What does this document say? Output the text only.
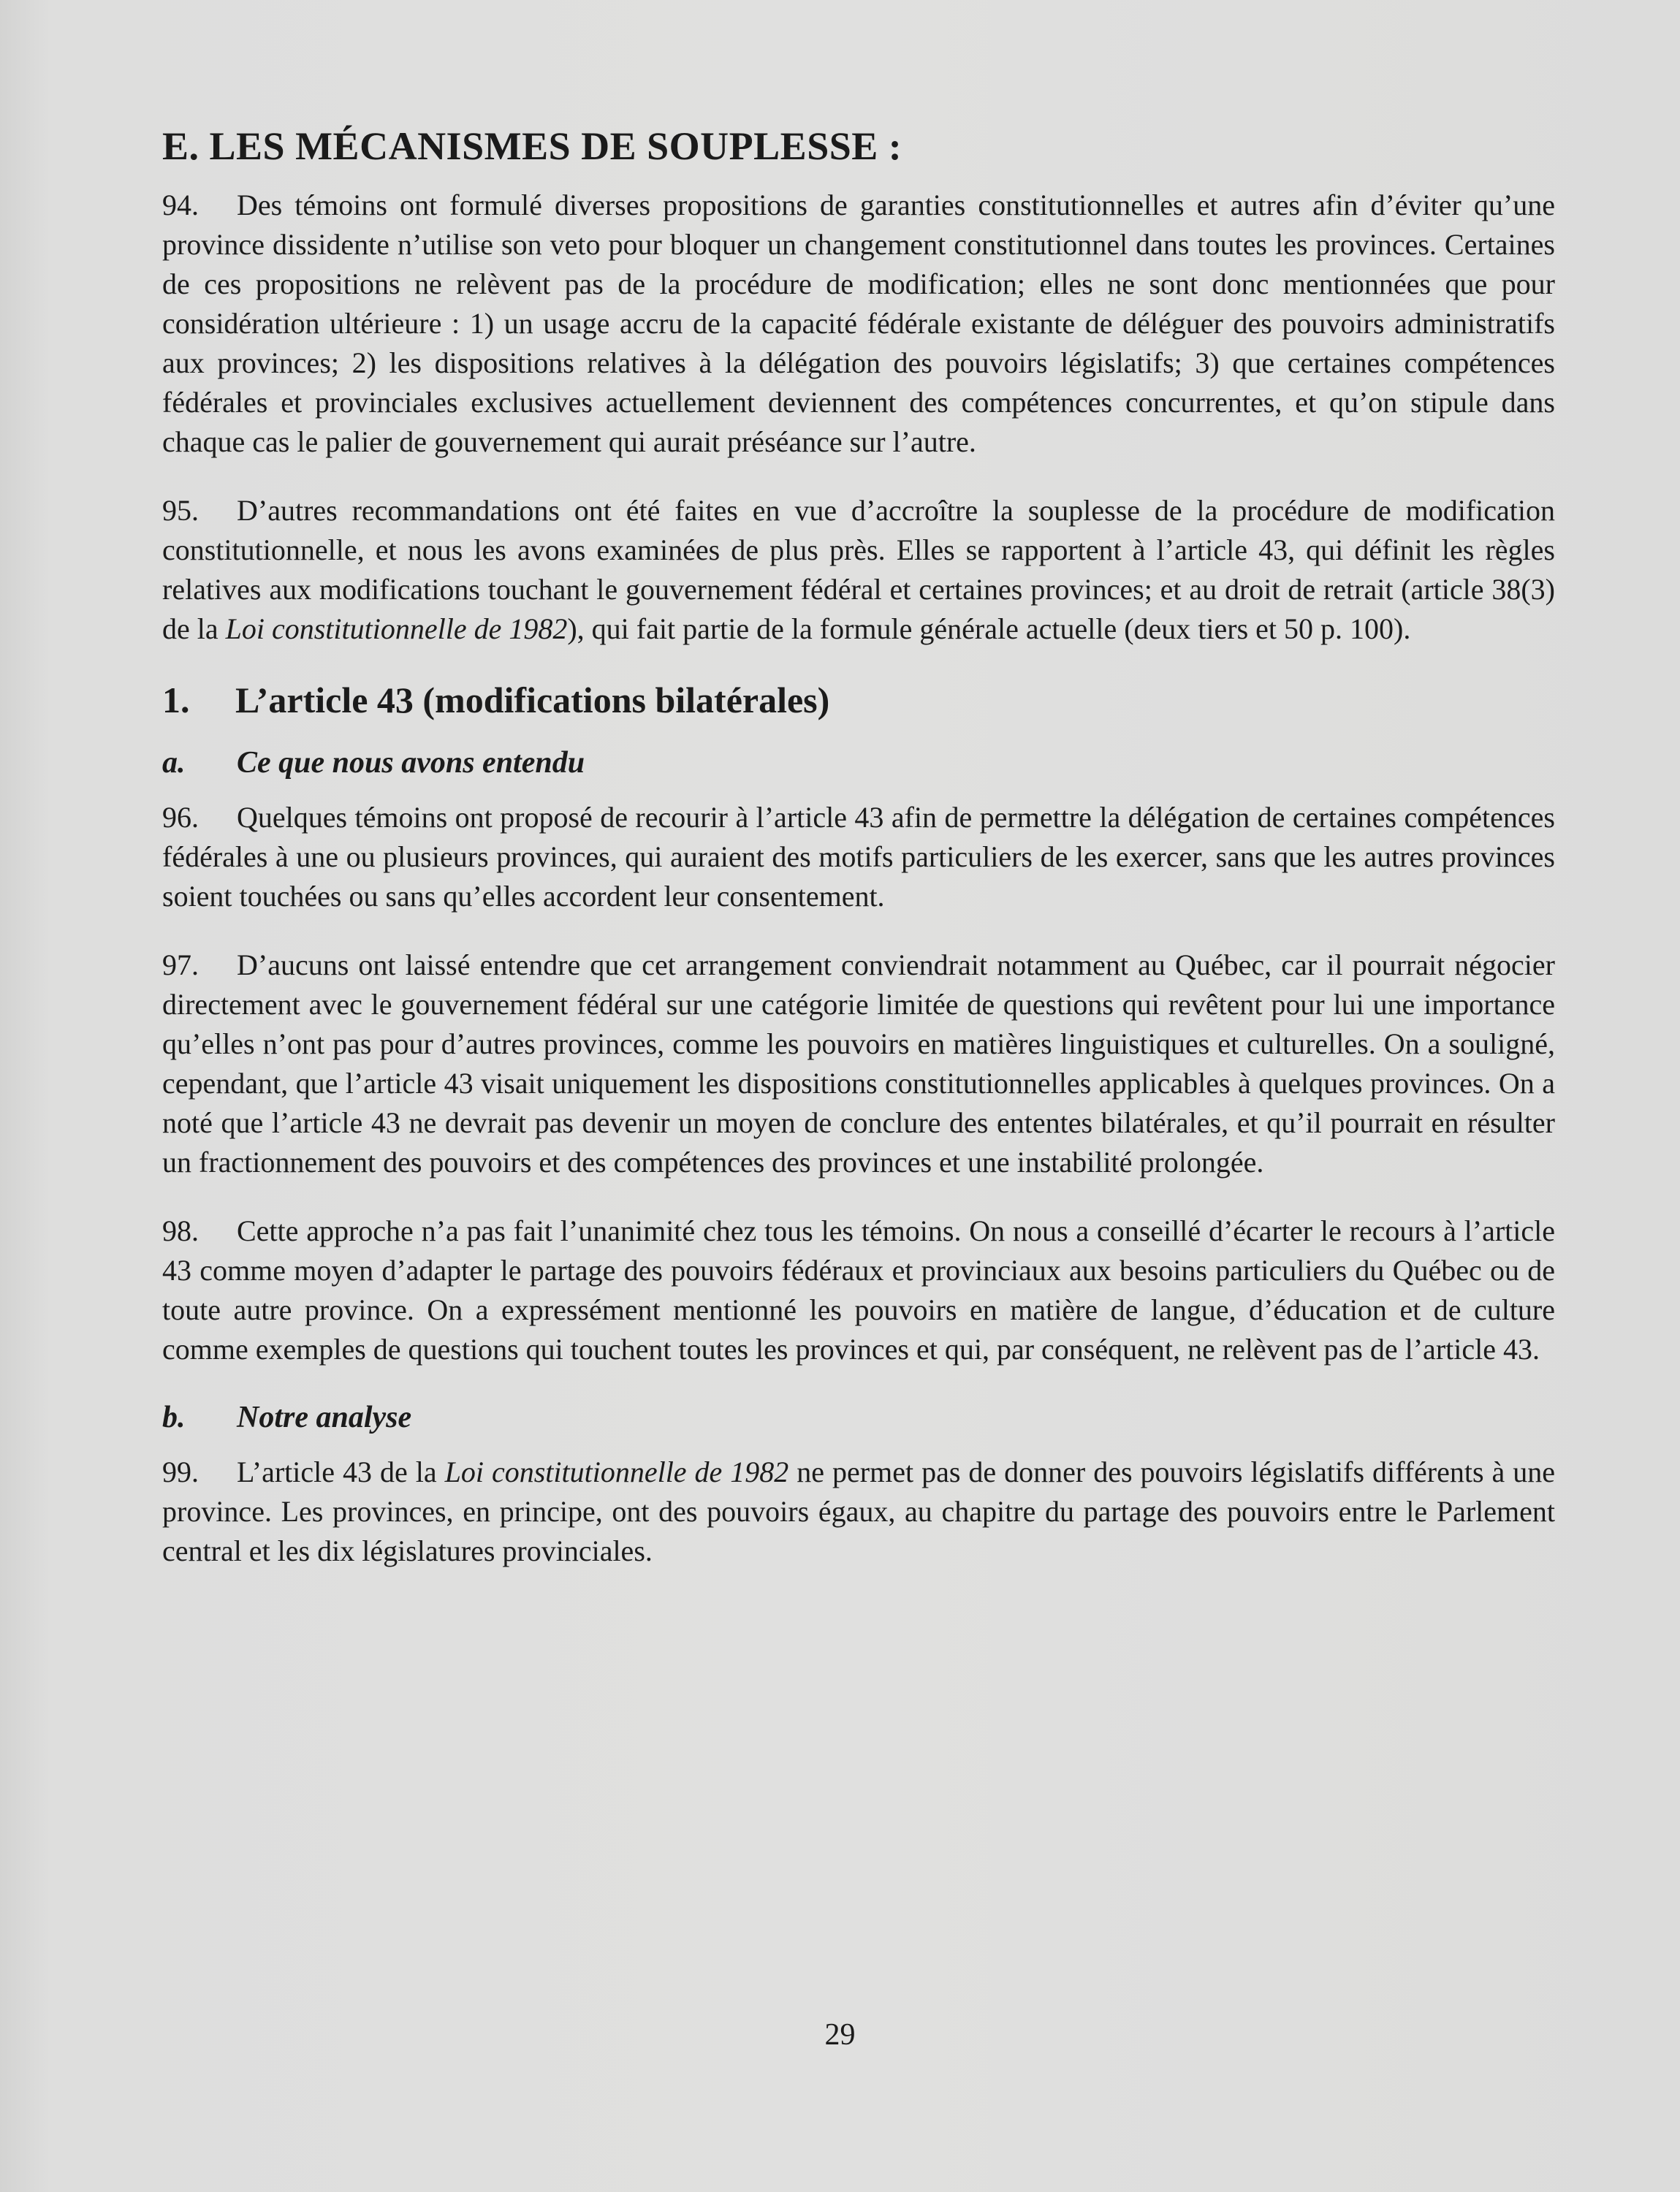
E. LES MÉCANISMES DE SOUPLESSE :

94. Des témoins ont formulé diverses propositions de garanties constitutionnelles et autres afin d’éviter qu’une province dissidente n’utilise son veto pour bloquer un changement constitutionnel dans toutes les provinces. Certaines de ces propositions ne relèvent pas de la procédure de modification; elles ne sont donc mentionnées que pour considération ultérieure : 1) un usage accru de la capacité fédérale existante de déléguer des pouvoirs administratifs aux provinces; 2) les dispositions relatives à la délégation des pouvoirs législatifs; 3) que certaines compétences fédérales et provinciales exclusives actuellement deviennent des compétences concurrentes, et qu’on stipule dans chaque cas le palier de gouvernement qui aurait préséance sur l’autre.

95. D’autres recommandations ont été faites en vue d’accroître la souplesse de la procédure de modification constitutionnelle, et nous les avons examinées de plus près. Elles se rapportent à l’article 43, qui définit les règles relatives aux modifications touchant le gouvernement fédéral et certaines provinces; et au droit de retrait (article 38(3) de la Loi constitutionnelle de 1982), qui fait partie de la formule générale actuelle (deux tiers et 50 p. 100).

1. L’article 43 (modifications bilatérales)
a. Ce que nous avons entendu

96. Quelques témoins ont proposé de recourir à l’article 43 afin de permettre la délégation de certaines compétences fédérales à une ou plusieurs provinces, qui auraient des motifs particuliers de les exercer, sans que les autres provinces soient touchées ou sans qu’elles accordent leur consentement.

97. D’aucuns ont laissé entendre que cet arrangement conviendrait notamment au Québec, car il pourrait négocier directement avec le gouvernement fédéral sur une catégorie limitée de questions qui revêtent pour lui une importance qu’elles n’ont pas pour d’autres provinces, comme les pouvoirs en matières linguistiques et culturelles. On a souligné, cependant, que l’article 43 visait uniquement les dispositions constitutionnelles applicables à quelques provinces. On a noté que l’article 43 ne devrait pas devenir un moyen de conclure des ententes bilatérales, et qu’il pourrait en résulter un fractionnement des pouvoirs et des compétences des provinces et une instabilité prolongée.

98. Cette approche n’a pas fait l’unanimité chez tous les témoins. On nous a conseillé d’écarter le recours à l’article 43 comme moyen d’adapter le partage des pouvoirs fédéraux et provinciaux aux besoins particuliers du Québec ou de toute autre province. On a expressément mentionné les pouvoirs en matière de langue, d’éducation et de culture comme exemples de questions qui touchent toutes les provinces et qui, par conséquent, ne relèvent pas de l’article 43.

b. Notre analyse

99. L’article 43 de la Loi constitutionnelle de 1982 ne permet pas de donner des pouvoirs législatifs différents à une province. Les provinces, en principe, ont des pouvoirs égaux, au chapitre du partage des pouvoirs entre le Parlement central et les dix législatures provinciales.

29
